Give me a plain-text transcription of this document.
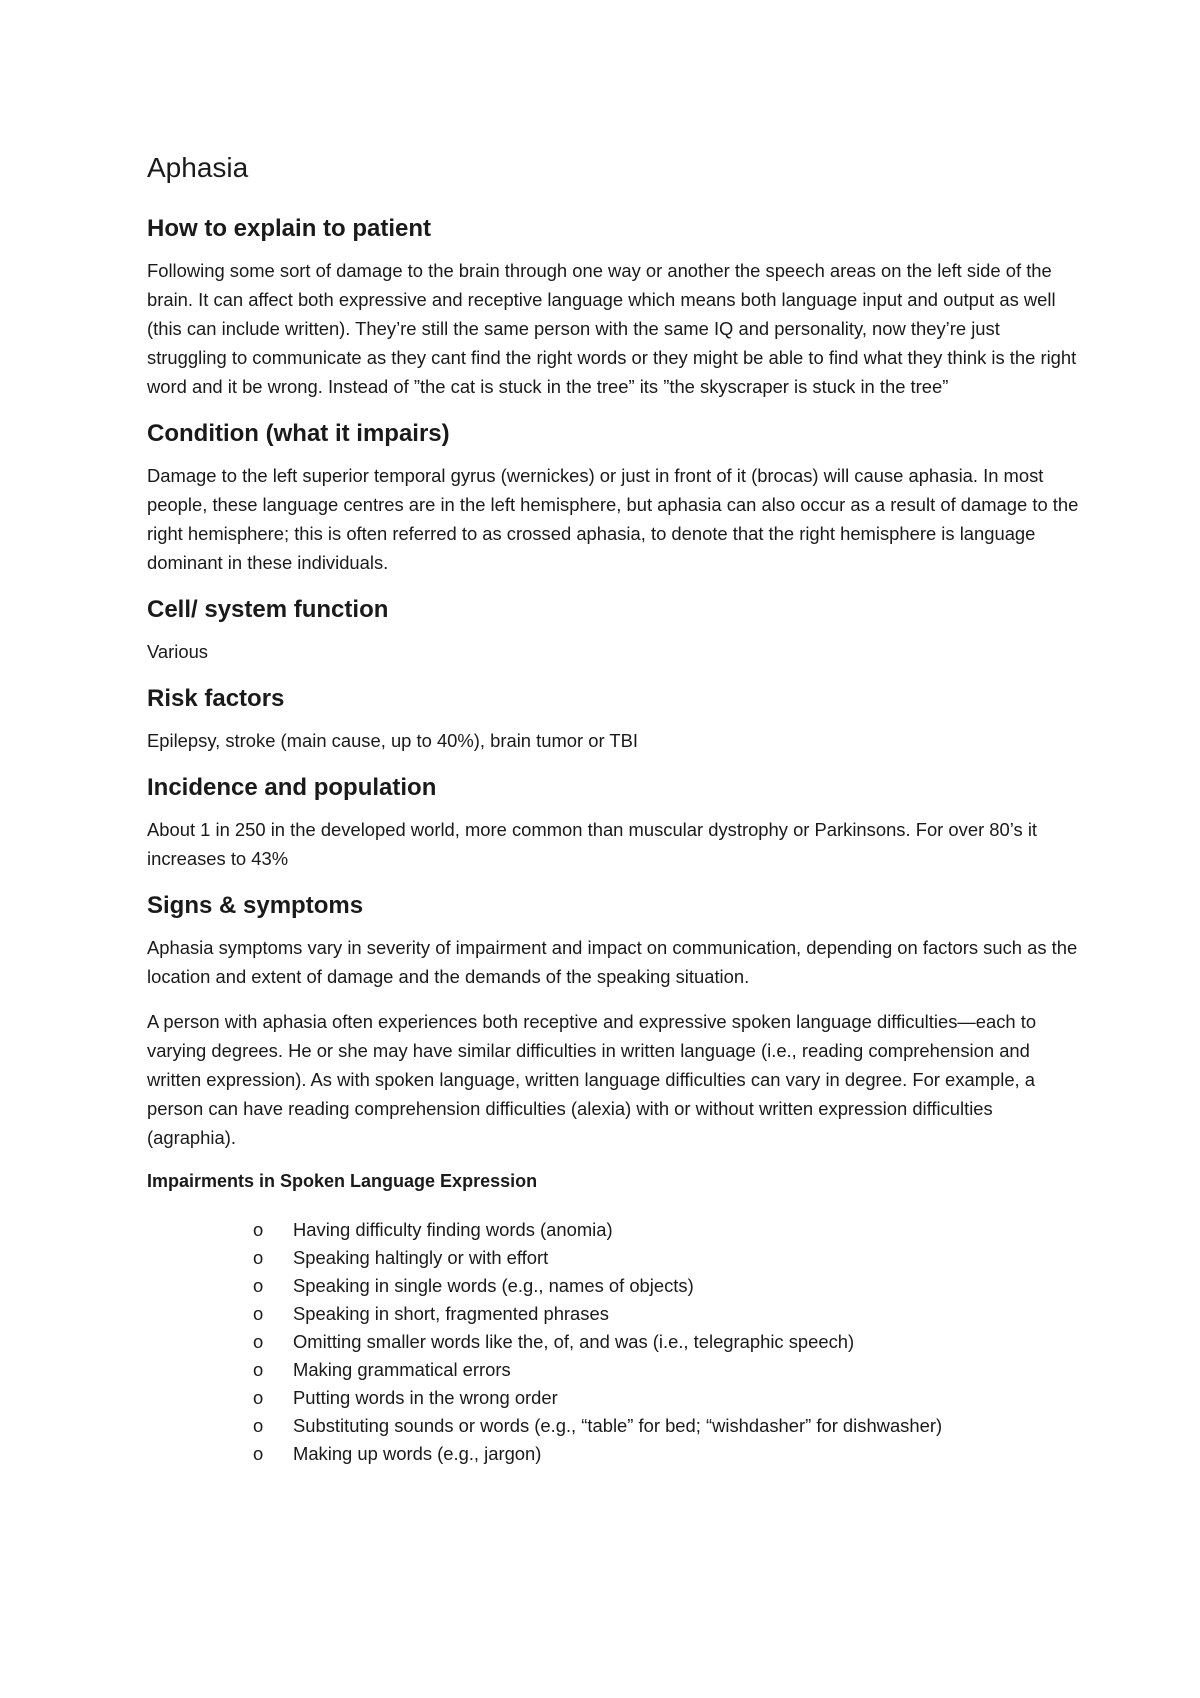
Aphasia
How to explain to patient

Following some sort of damage to the brain through one way or another the speech areas on the left side of the brain. It can affect both expressive and receptive language which means both language input and output as well (this can include written). They’re still the same person with the same IQ and personality, now they’re just struggling to communicate as they cant find the right words or they might be able to find what they think is the right word and it be wrong. Instead of ”the cat is stuck in the tree” its ”the skyscraper is stuck in the tree”

Condition (what it impairs)

Damage to the left superior temporal gyrus (wernickes) or just in front of it (brocas) will cause aphasia. In most people, these language centres are in the left hemisphere, but aphasia can also occur as a result of damage to the right hemisphere; this is often referred to as crossed aphasia, to denote that the right hemisphere is language dominant in these individuals.

Cell/ system function

Various

Risk factors

Epilepsy, stroke (main cause, up to 40%), brain tumor or TBI

Incidence and population

About 1 in 250 in the developed world, more common than muscular dystrophy or Parkinsons. For over 80’s it increases to 43%

Signs & symptoms

Aphasia symptoms vary in severity of impairment and impact on communication, depending on factors such as the location and extent of damage and the demands of the speaking situation.

A person with aphasia often experiences both receptive and expressive spoken language difficulties—each to varying degrees. He or she may have similar difficulties in written language (i.e., reading comprehension and written expression). As with spoken language, written language difficulties can vary in degree. For example, a person can have reading comprehension difficulties (alexia) with or without written expression difficulties (agraphia).

Impairments in Spoken Language Expression
o Having difficulty finding words (anomia)
o Speaking haltingly or with effort
o Speaking in single words (e.g., names of objects)
o Speaking in short, fragmented phrases
o Omitting smaller words like the, of, and was (i.e., telegraphic speech)
o Making grammatical errors
o Putting words in the wrong order
o Substituting sounds or words (e.g., “table” for bed; “wishdasher” for dishwasher)
o Making up words (e.g., jargon)
